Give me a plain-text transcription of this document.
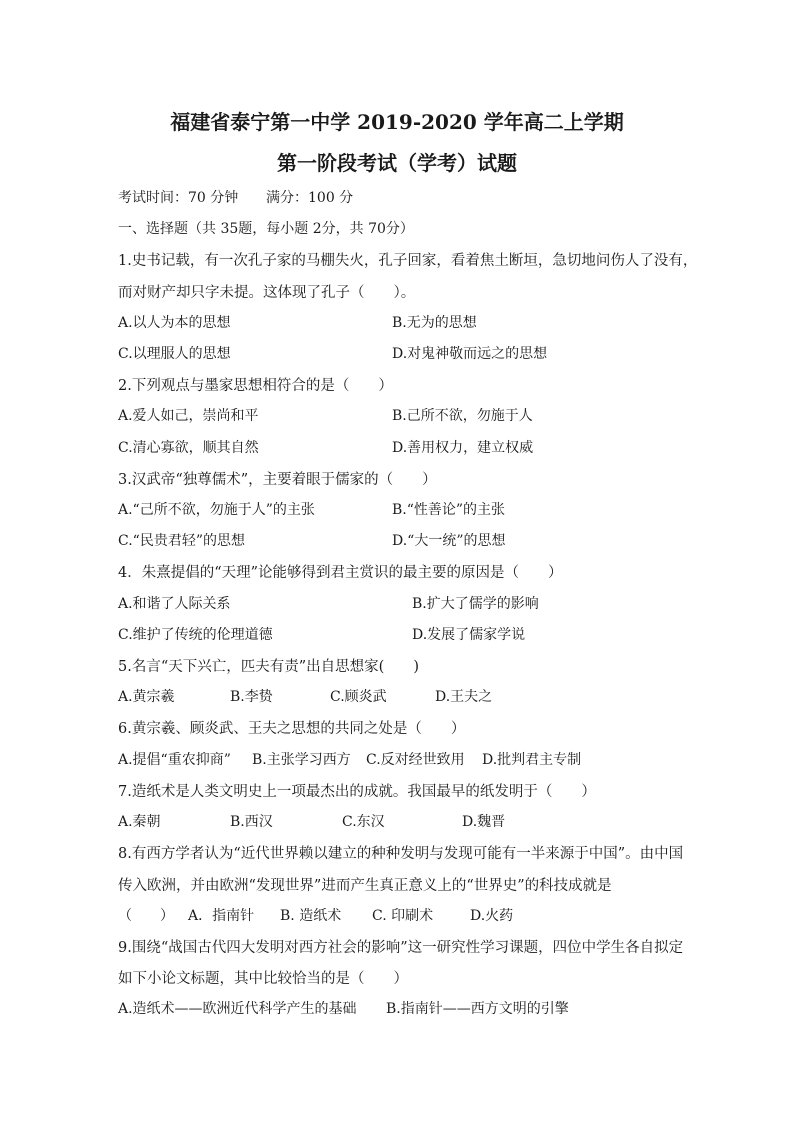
福建省泰宁第一中学 2019-2020 学年高二上学期
第一阶段考试（学考）试题
考试时间：70 分钟 满分：100 分
一、选择题（共 35题，每小题 2分，共 70分）
1.史书记载，有一次孔子家的马棚失火，孔子回家，看着焦土断垣，急切地问伤人了没有，
而对财产却只字未提。这体现了孔子（　　）。
A.以人为本的思想	B.无为的思想
C.以理服人的思想	D.对鬼神敬而远之的思想
2.下列观点与墨家思想相符合的是（　　）
A.爱人如己，崇尚和平	B.己所不欲，勿施于人
C.清心寡欲，顺其自然	D.善用权力，建立权威
3.汉武帝“独尊儒术”，主要着眼于儒家的（　　）
A.“己所不欲，勿施于人”的主张	B.“性善论”的主张
C.“民贵君轻”的思想	D.“大一统”的思想
4．朱熹提倡的“天理”论能够得到君主赏识的最主要的原因是（　　）
A.和谐了人际关系	B.扩大了儒学的影响
C.维护了传统的伦理道德	D.发展了儒家学说
5.名言“天下兴亡，匹夫有责”出自思想家(　　)
A.黄宗羲	B.李贽	C.顾炎武	D.王夫之
6.黄宗羲、顾炎武、王夫之思想的共同之处是（　　）
A.提倡“重农抑商” B.主张学习西方 C.反对经世致用 D.批判君主专制
7.造纸术是人类文明史上一项最杰出的成就。我国最早的纸发明于（　　）
A.秦朝	B.西汉	C.东汉	D.魏晋
8.有西方学者认为“近代世界赖以建立的种种发明与发现可能有一半来源于中国”。由中国
传入欧洲，并由欧洲“发现世界”进而产生真正意义上的“世界史”的科技成就是
（　　） A．指南针 B. 造纸术 C. 印刷术	D.火药
9.围绕“战国古代四大发明对西方社会的影响”这一研究性学习课题，四位中学生各自拟定
如下小论文标题，其中比较恰当的是（　　）
A.造纸术——欧洲近代科学产生的基础 B.指南针——西方文明的引擎
